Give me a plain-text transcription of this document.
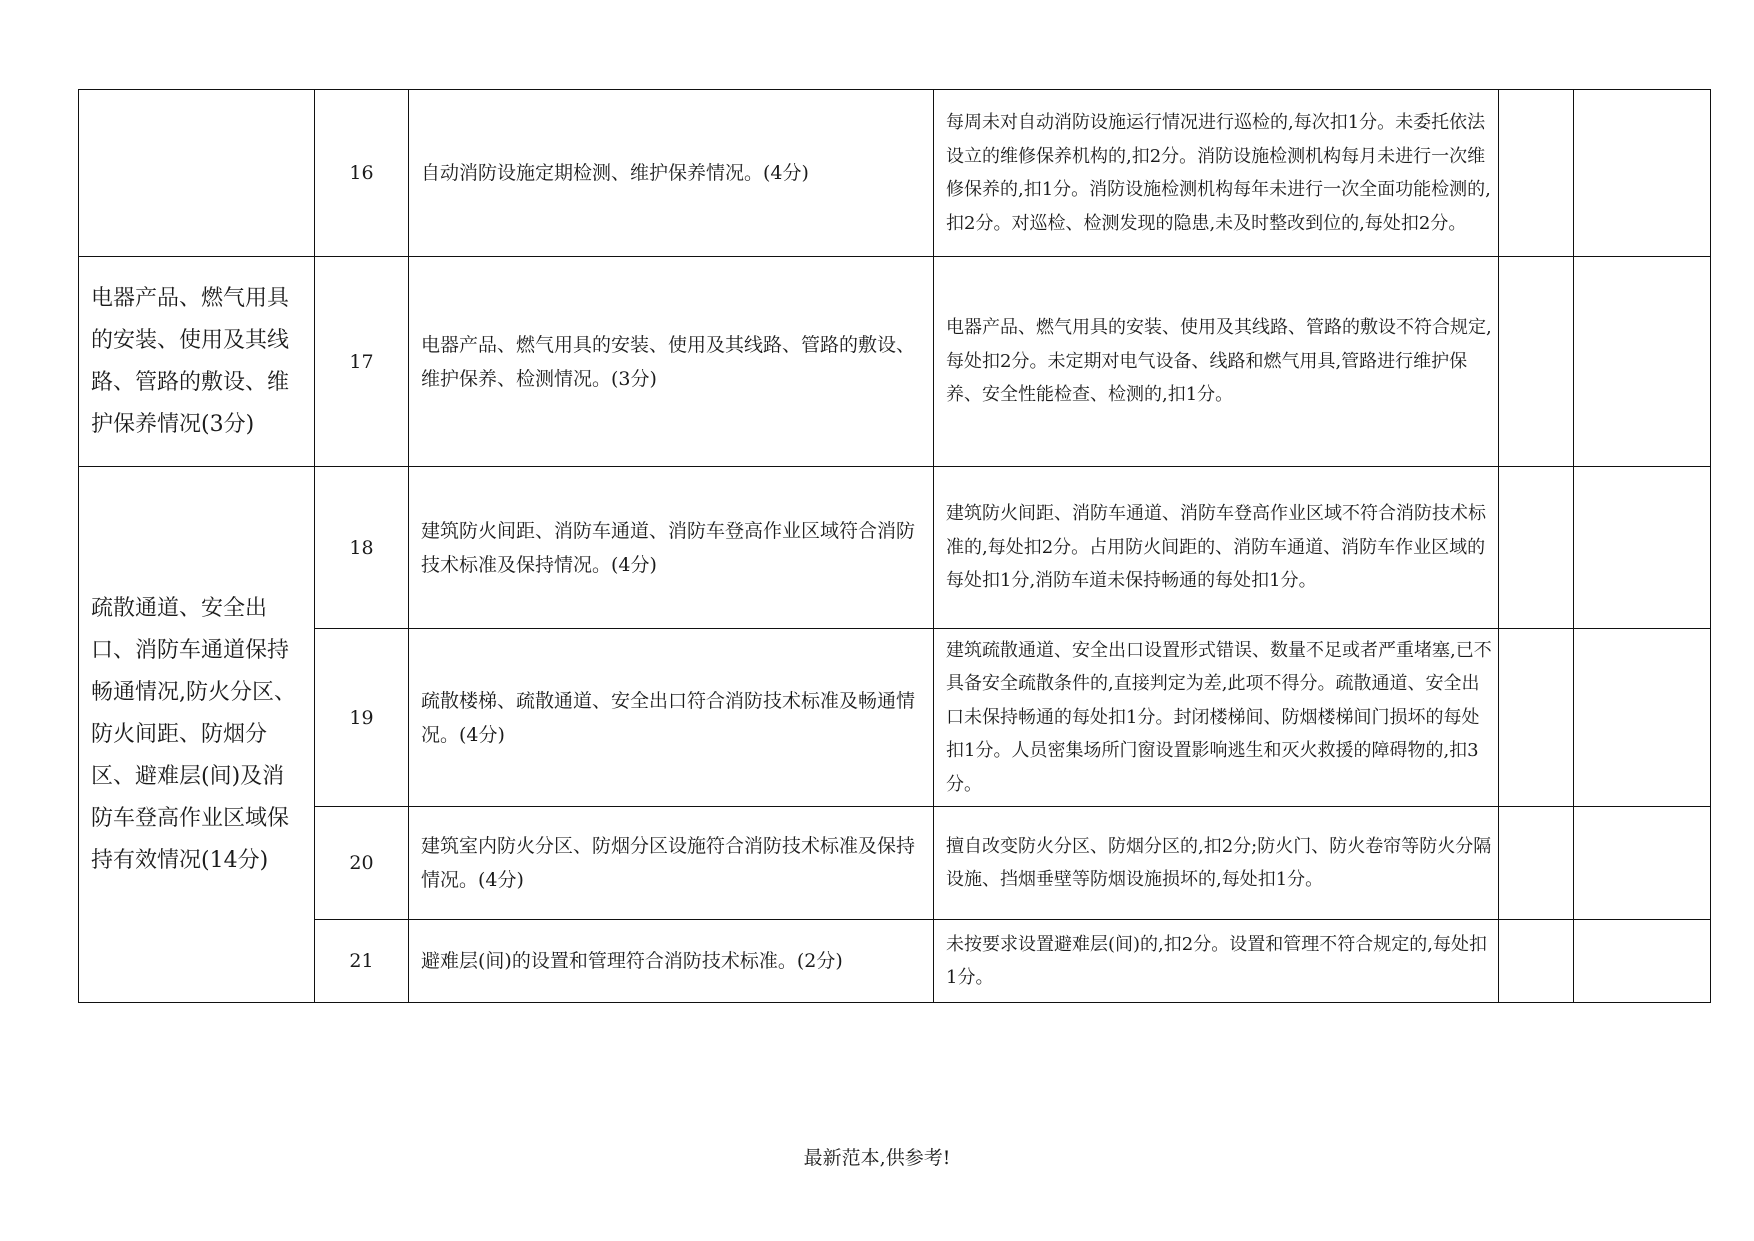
	16	自动消防设施定期检测、维护保养情况。(4分)	每周未对自动消防设施运行情况进行巡检的,每次扣1分。未委托依法设立的维修保养机构的,扣2分。消防设施检测机构每月未进行一次维修保养的,扣1分。消防设施检测机构每年未进行一次全面功能检测的,扣2分。对巡检、检测发现的隐患,未及时整改到位的,每处扣2分。		
电器产品、燃气用具的安装、使用及其线路、管路的敷设、维护保养情况(3分)	17	电器产品、燃气用具的安装、使用及其线路、管路的敷设、维护保养、检测情况。(3分)	电器产品、燃气用具的安装、使用及其线路、管路的敷设不符合规定,每处扣2分。未定期对电气设备、线路和燃气用具,管路进行维护保养、安全性能检查、检测的,扣1分。		
疏散通道、安全出口、消防车通道保持畅通情况,防火分区、防火间距、防烟分区、避难层(间)及消防车登高作业区域保持有效情况(14分)	18	建筑防火间距、消防车通道、消防车登高作业区域符合消防技术标准及保持情况。(4分)	建筑防火间距、消防车通道、消防车登高作业区域不符合消防技术标准的,每处扣2分。占用防火间距的、消防车通道、消防车作业区域的每处扣1分,消防车道未保持畅通的每处扣1分。		
	19	疏散楼梯、疏散通道、安全出口符合消防技术标准及畅通情况。(4分)	建筑疏散通道、安全出口设置形式错误、数量不足或者严重堵塞,已不具备安全疏散条件的,直接判定为差,此项不得分。疏散通道、安全出口未保持畅通的每处扣1分。封闭楼梯间、防烟楼梯间门损坏的每处扣1分。人员密集场所门窗设置影响逃生和灭火救援的障碍物的,扣3分。		
	20	建筑室内防火分区、防烟分区设施符合消防技术标准及保持情况。(4分)	擅自改变防火分区、防烟分区的,扣2分;防火门、防火卷帘等防火分隔设施、挡烟垂壁等防烟设施损坏的,每处扣1分。		
	21	避难层(间)的设置和管理符合消防技术标准。(2分)	未按要求设置避难层(间)的,扣2分。设置和管理不符合规定的,每处扣1分。		
最新范本,供参考!
